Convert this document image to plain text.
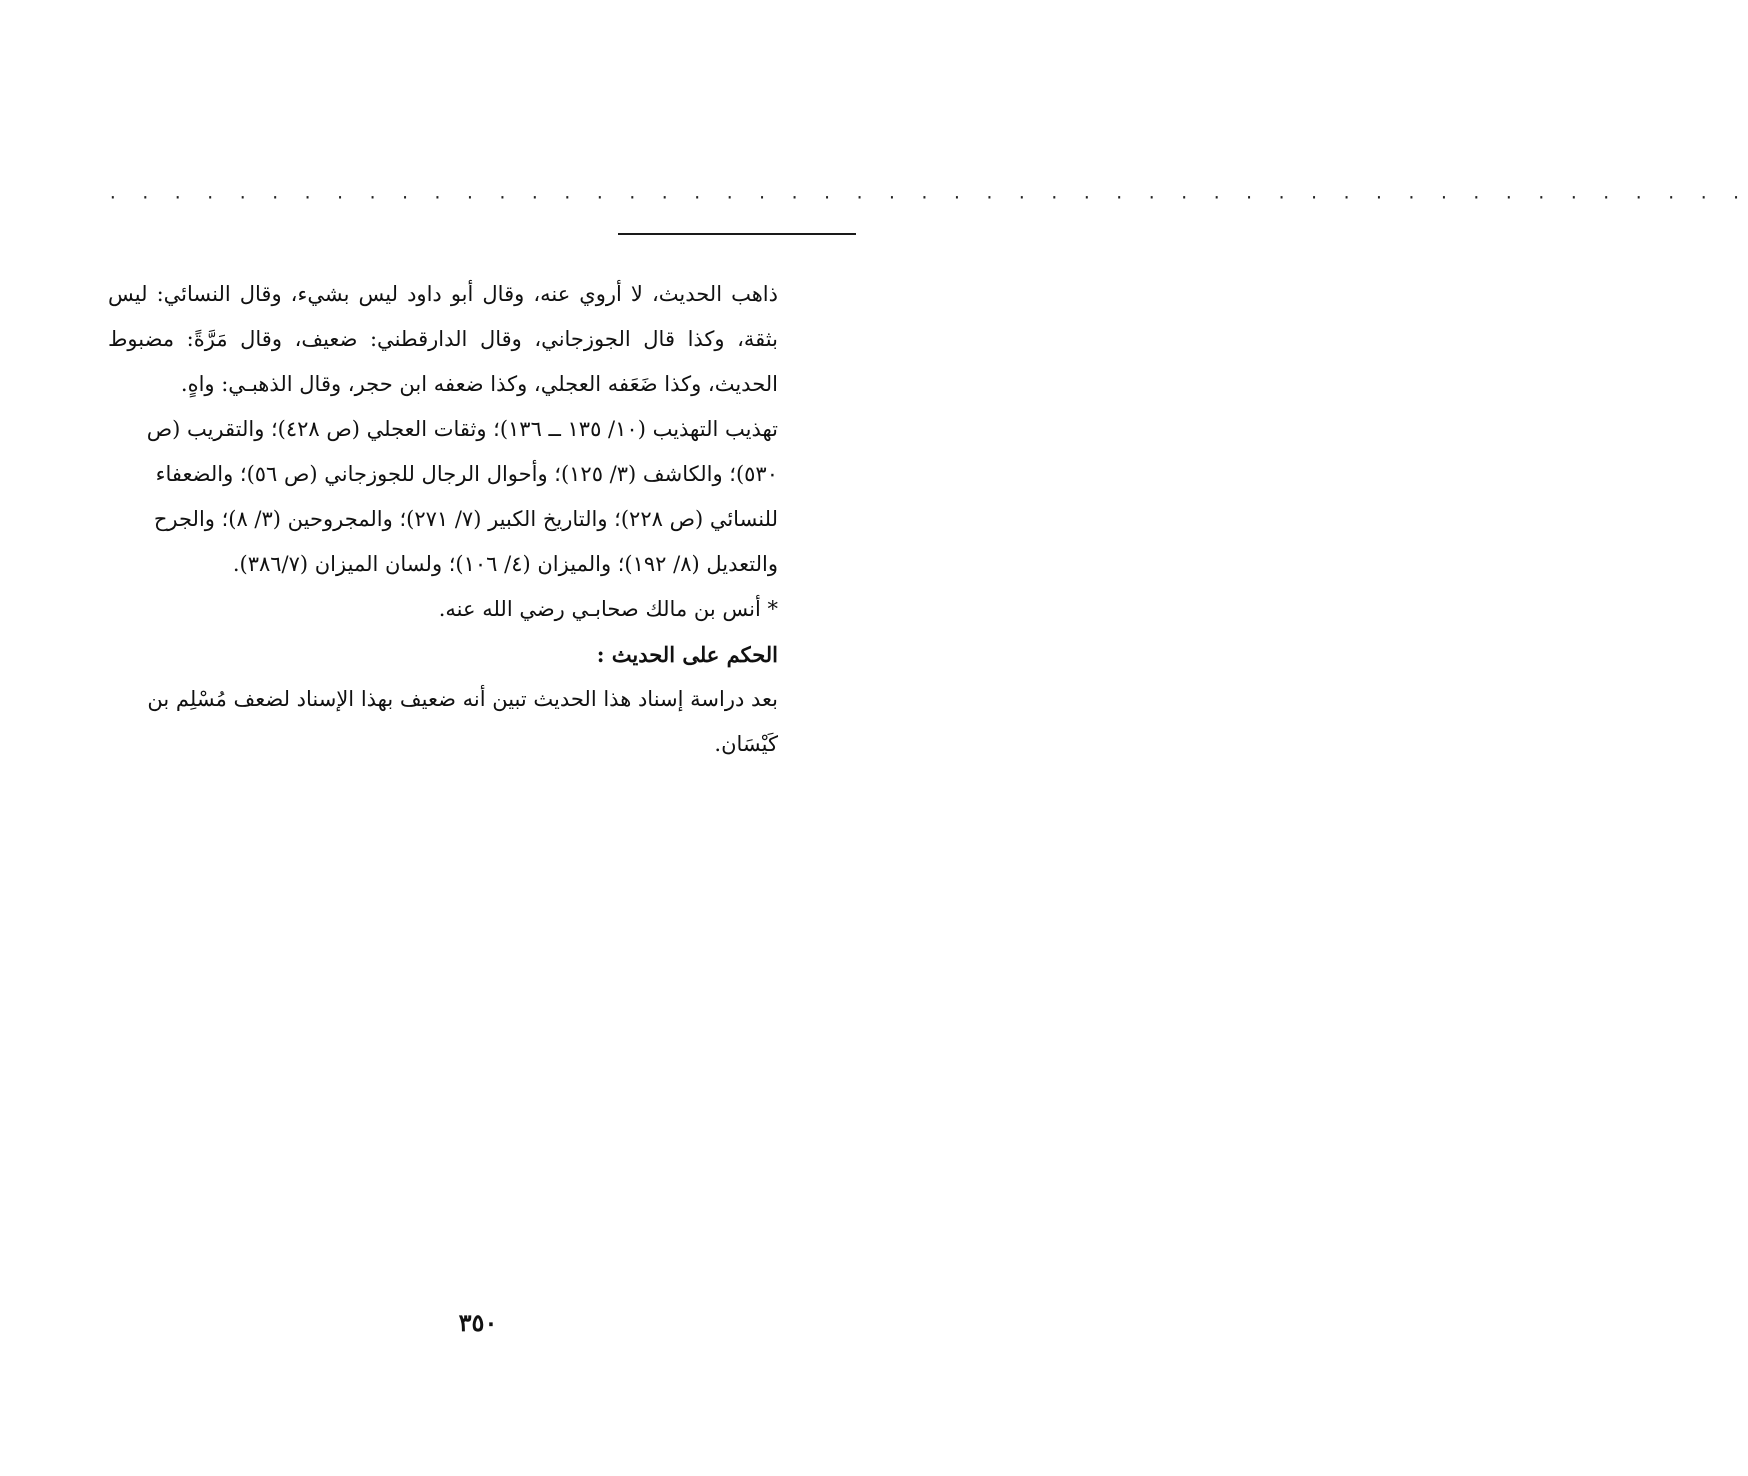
· · · · · · · · · · · · · · · · · · · · · · · · · · · · · · · · · · · · · · · · · · · · · · · · · · ·

ذاهب الحديث، لا أروي عنه، وقال أبو داود ليس بشيء، وقال النسائي: ليس بثقة، وكذا قال الجوزجاني، وقال الدارقطني: ضعيف، وقال مَرَّةً: مضبوط الحديث، وكذا ضَعَفه العجلي، وكذا ضعفه ابن حجر، وقال الذهبـي: واهٍ.

تهذيب التهذيب (١٠/ ١٣٥ ــ ١٣٦)؛ وثقات العجلي (ص ٤٢٨)؛ والتقريب (ص ٥٣٠)؛ والكاشف (٣/ ١٢٥)؛ وأحوال الرجال للجوزجاني (ص ٥٦)؛ والضعفاء للنسائي (ص ٢٢٨)؛ والتاريخ الكبير (٧/ ٢٧١)؛ والمجروحين (٣/ ٨)؛ والجرح والتعديل (٨/ ١٩٢)؛ والميزان (٤/ ١٠٦)؛ ولسان الميزان (٣٨٦/٧).

* أنس بن مالك صحابـي رضي الله عنه.

الحكم على الحديث :

بعد دراسة إسناد هذا الحديث تبين أنه ضعيف بهذا الإسناد لضعف مُسْلِم بن كَيْسَان.

٣٥٠
